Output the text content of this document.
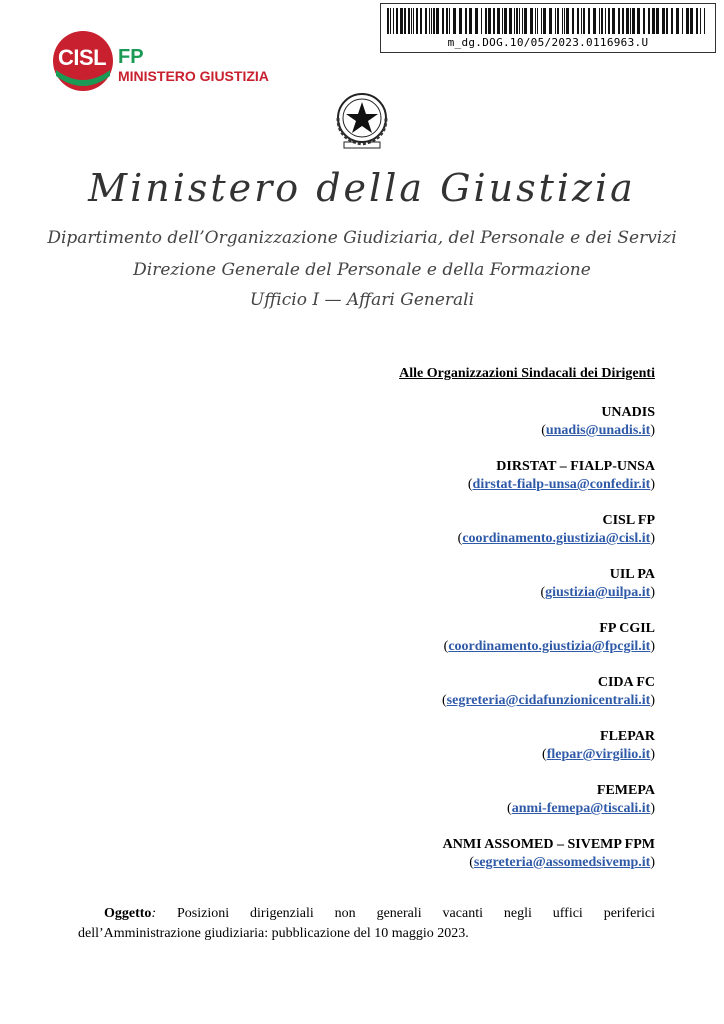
m_dg.DOG.10/05/2023.0116963.U
CISL FP
MINISTERO GIUSTIZIA
Ministero della Giustizia
Dipartimento dell’Organizzazione Giudiziaria, del Personale e dei Servizi
Direzione Generale del Personale e della Formazione
Ufficio I — Affari Generali
Alle Organizzazioni Sindacali dei Dirigenti
UNADIS
(unadis@unadis.it)
DIRSTAT – FIALP-UNSA
(dirstat-fialp-unsa@confedir.it)
CISL FP
(coordinamento.giustizia@cisl.it)
UIL PA
(giustizia@uilpa.it)
FP CGIL
(coordinamento.giustizia@fpcgil.it)
CIDA FC
(segreteria@cidafunzionicentrali.it)
FLEPAR
(flepar@virgilio.it)
FEMEPA
(anmi-femepa@tiscali.it)
ANMI ASSOMED – SIVEMP FPM
(segreteria@assomedsivemp.it)

Oggetto: Posizioni dirigenziali non generali vacanti negli uffici periferici

dell’Amministrazione giudiziaria: pubblicazione del 10 maggio 2023.
